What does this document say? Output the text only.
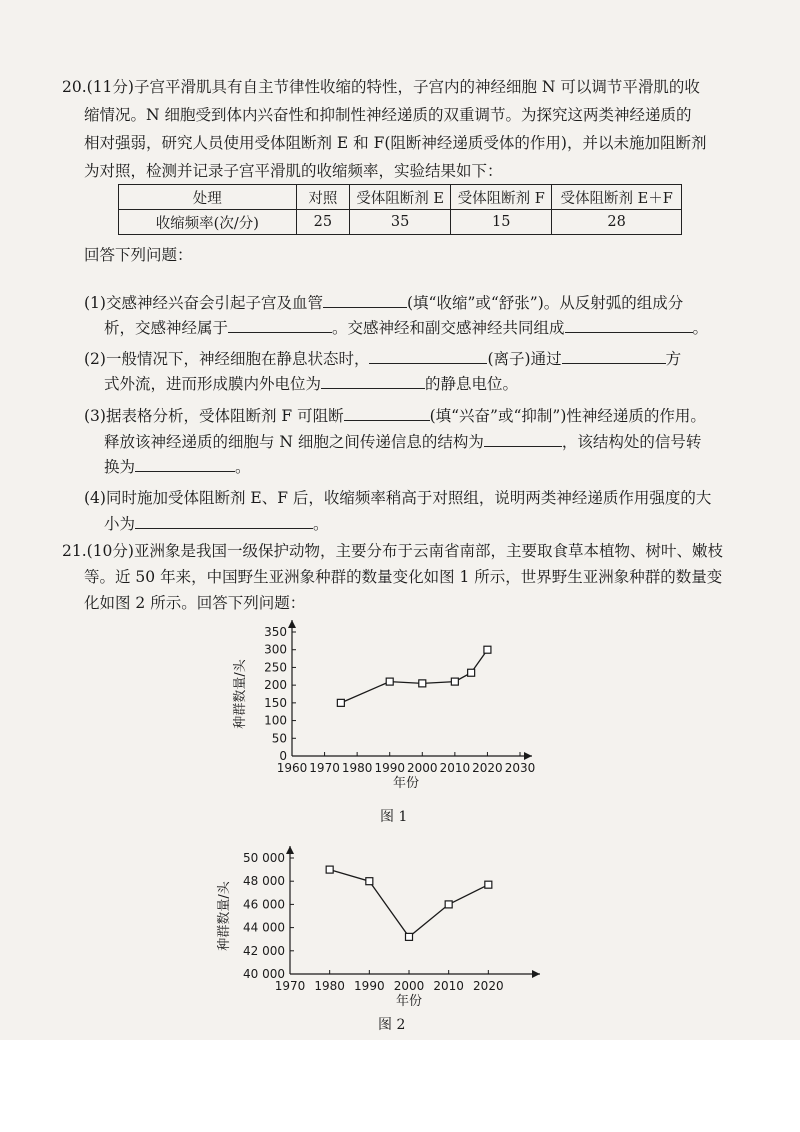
20.(11分)子宫平滑肌具有自主节律性收缩的特性，子宫内的神经细胞 N 可以调节平滑肌的收
缩情况。N 细胞受到体内兴奋性和抑制性神经递质的双重调节。为探究这两类神经递质的
相对强弱，研究人员使用受体阻断剂 E 和 F(阻断神经递质受体的作用)，并以未施加阻断剂
为对照，检测并记录子宫平滑肌的收缩频率，实验结果如下：
处理	对照	受体阻断剂 E	受体阻断剂 F	受体阻断剂 E＋F
收缩频率(次/分)	25	35	15	28
回答下列问题：
(1)交感神经兴奋会引起子宫及血管	(填“收缩”或“舒张”)。从反射弧的组成分
析，交感神经属于	。交感神经和副交感神经共同组成	。
(2)一般情况下，神经细胞在静息状态时，	(离子)通过	方
式外流，进而形成膜内外电位为	的静息电位。
(3)据表格分析，受体阻断剂 F 可阻断	(填“兴奋”或“抑制”)性神经递质的作用。
释放该神经递质的细胞与 N 细胞之间传递信息的结构为	，该结构处的信号转
换为	。
(4)同时施加受体阻断剂 E、F 后，收缩频率稍高于对照组，说明两类神经递质作用强度的大
小为	。
21.(10分)亚洲象是我国一级保护动物，主要分布于云南省南部，主要取食草本植物、树叶、嫩枝
等。近 50 年来，中国野生亚洲象种群的数量变化如图 1 所示，世界野生亚洲象种群的数量变
化如图 2 所示。回答下列问题：
1960 1970 1980 1990 2000 2010 2020 2030
0
50
100
150
200
250
300
350
年份
种群数量/头
图 1
1970 1980 1990 2000 2010 2020
40 000
42 000
44 000
46 000
48 000
50 000
年份
种群数量/头
图 2
